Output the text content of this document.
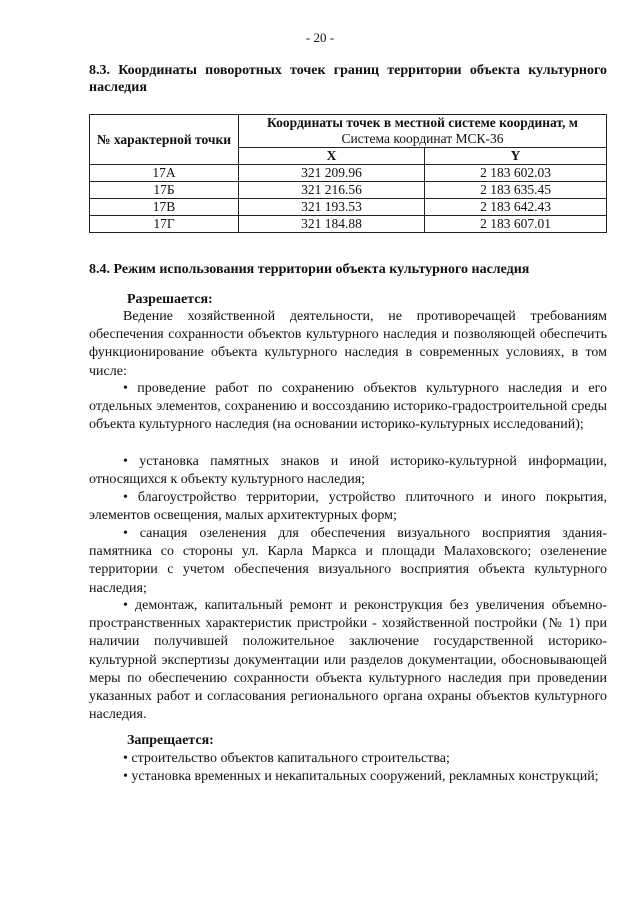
- 20 -
8.3. Координаты поворотных точек границ территории объекта культурного наследия
№ характерной точки	Координаты точек в местной системе координат, м
Система координат МСК-36	

	X	Y

17А	321 209.96	2 183 602.03
17Б	321 216.56	2 183 635.45
17В	321 193.53	2 183 642.43
17Г	321 184.88	2 183 607.01
8.4. Режим использования территории объекта культурного наследия
Разрешается:

Ведение хозяйственной деятельности, не противоречащей требованиям обеспечения сохранности объектов культурного наследия и позволяющей обеспечить функционирование объекта культурного наследия в современных условиях, в том числе:

• проведение работ по сохранению объектов культурного наследия и его отдельных элементов, сохранению и воссозданию историко-градостроительной среды объекта культурного наследия (на основании историко-культурных исследований);

• установка памятных знаков и иной историко-культурной информации, относящихся к объекту культурного наследия;

• благоустройство территории, устройство плиточного и иного покрытия, элементов освещения, малых архитектурных форм;

• санация озеленения для обеспечения визуального восприятия здания-памятника со стороны ул. Карла Маркса и площади Малаховского; озеленение территории с учетом обеспечения визуального восприятия объекта культурного наследия;

• демонтаж, капитальный ремонт и реконструкция без увеличения объемно-пространственных характеристик пристройки - хозяйственной постройки (№ 1) при наличии получившей положительное заключение государственной историко-культурной экспертизы документации или разделов документации, обосновывающей меры по обеспечению сохранности объекта культурного наследия при проведении указанных работ и согласования регионального органа охраны объектов культурного наследия.

Запрещается:

• строительство объектов капитального строительства;

• установка временных и некапитальных сооружений, рекламных конструкций;
